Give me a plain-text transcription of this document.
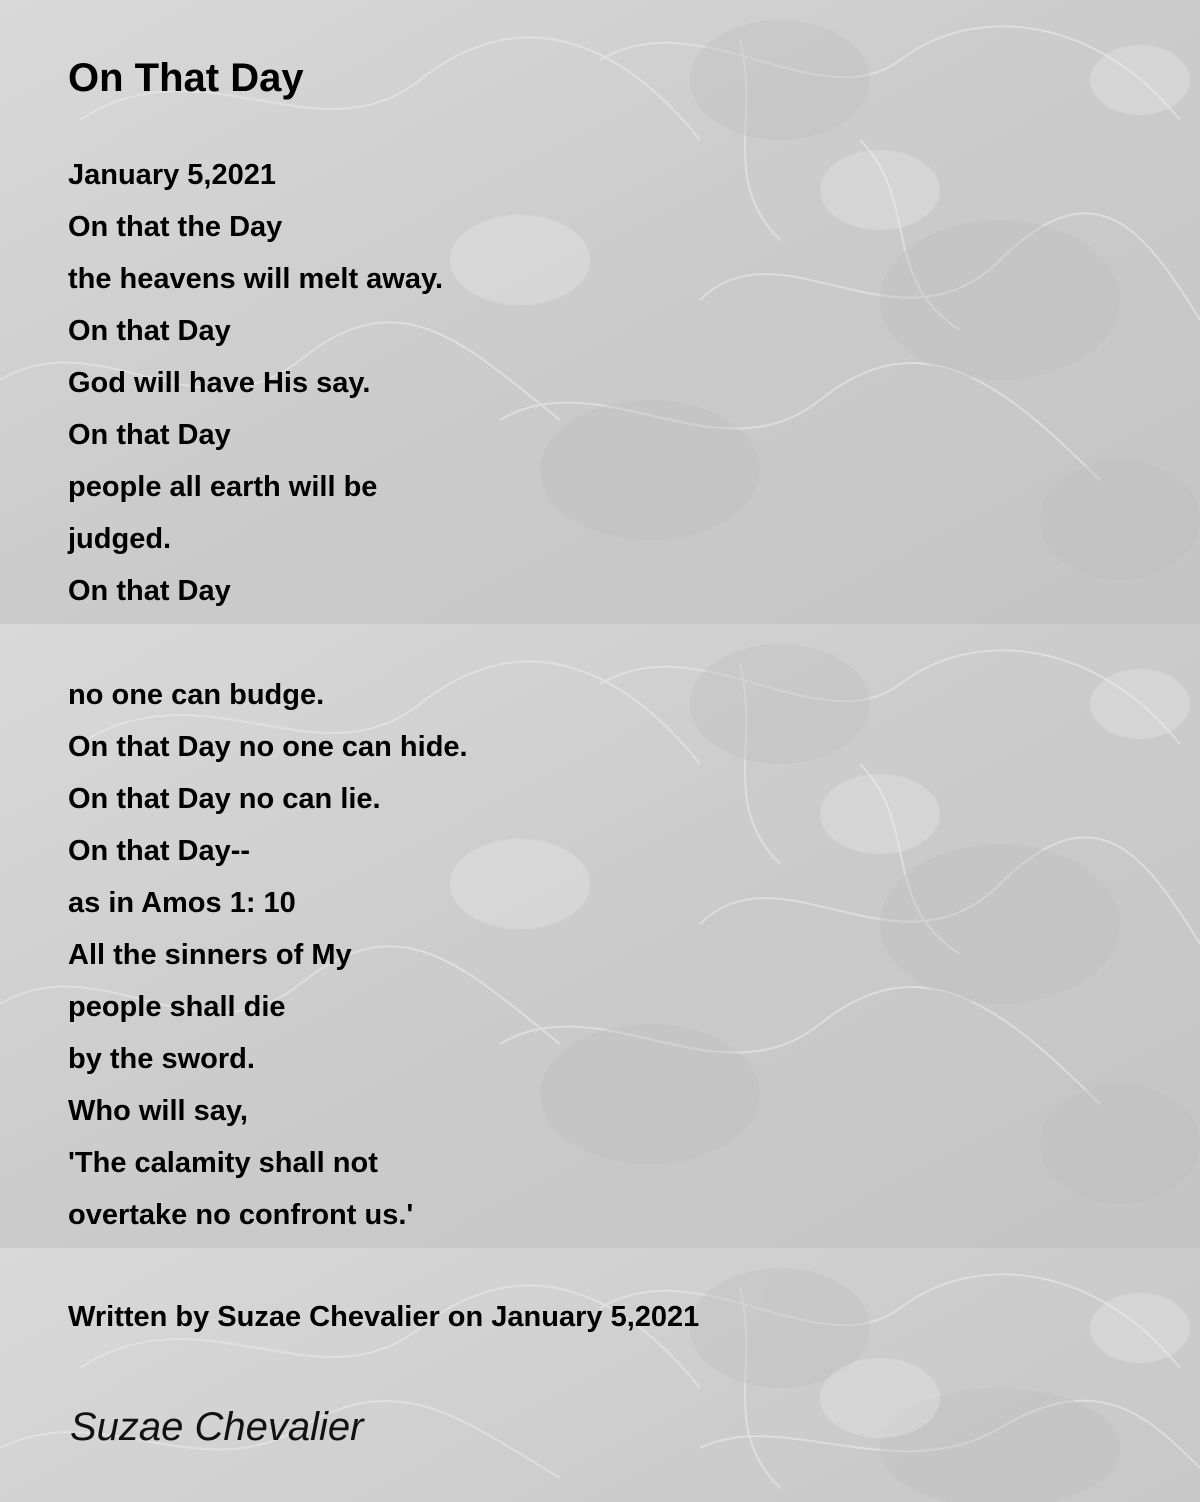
On That Day
January 5,2021
On that the Day
the heavens will melt away.
On that Day
God will have His say.
On that Day
people all earth will be
judged.
On that Day
no one can budge.
On that Day no one can hide.
On that Day no can lie.
On that Day--
as in Amos 1: 10
All the sinners of My
people shall die
by the sword.
Who will say,
'The calamity shall not
overtake no confront us.'

Written by Suzae Chevalier on January 5,2021

Suzae Chevalier
